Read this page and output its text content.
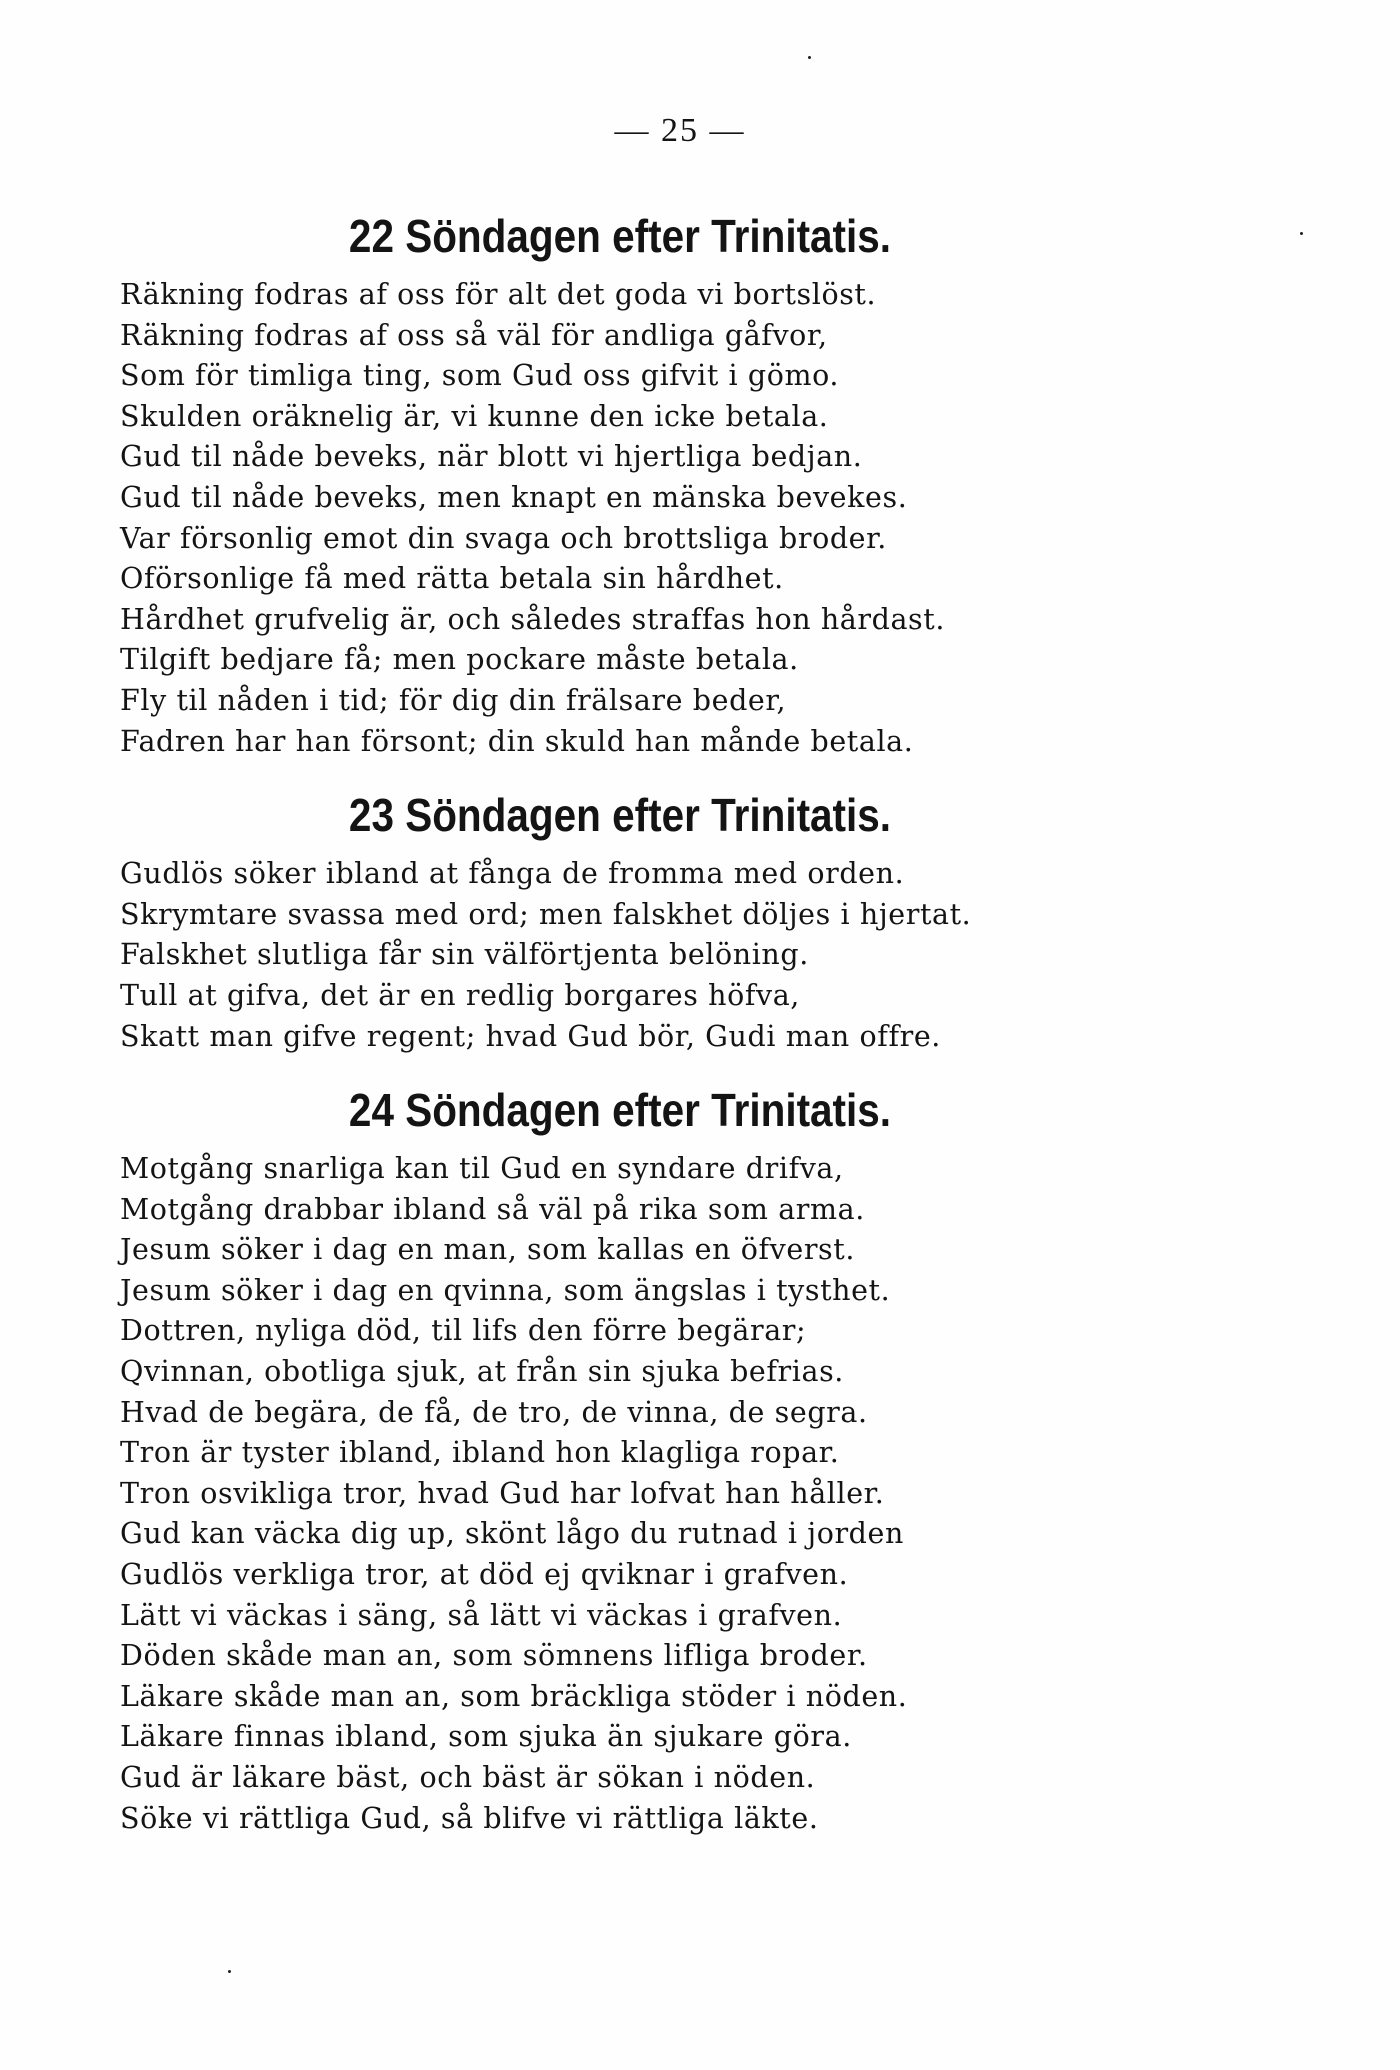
— 25 —
22 Söndagen efter Trinitatis.
Räkning fodras af oss för alt det goda vi bortslöst.
Räkning fodras af oss så väl för andliga gåfvor,
Som för timliga ting, som Gud oss gifvit i gömo.
Skulden oräknelig är, vi kunne den icke betala.
Gud til nåde beveks, när blott vi hjertliga bedjan.
Gud til nåde beveks, men knapt en mänska bevekes.
Var försonlig emot din svaga och brottsliga broder.
Oförsonlige få med rätta betala sin hårdhet.
Hårdhet grufvelig är, och således straffas hon hårdast.
Tilgift bedjare få; men pockare måste betala.
Fly til nåden i tid; för dig din frälsare beder,
Fadren har han försont; din skuld han månde betala.
23 Söndagen efter Trinitatis.
Gudlös söker ibland at fånga de fromma med orden.
Skrymtare svassa med ord; men falskhet döljes i hjertat.
Falskhet slutliga får sin välförtjenta belöning.
Tull at gifva, det är en redlig borgares höfva,
Skatt man gifve regent; hvad Gud bör, Gudi man offre.
24 Söndagen efter Trinitatis.
Motgång snarliga kan til Gud en syndare drifva,
Motgång drabbar ibland så väl på rika som arma.
Jesum söker i dag en man, som kallas en öfverst.
Jesum söker i dag en qvinna, som ängslas i tysthet.
Dottren, nyliga död, til lifs den förre begärar;
Qvinnan, obotliga sjuk, at från sin sjuka befrias.
Hvad de begära, de få, de tro, de vinna, de segra.
Tron är tyster ibland, ibland hon klagliga ropar.
Tron osvikliga tror, hvad Gud har lofvat han håller.
Gud kan väcka dig up, skönt lågo du rutnad i jorden
Gudlös verkliga tror, at död ej qviknar i grafven.
Lätt vi väckas i säng, så lätt vi väckas i grafven.
Döden skåde man an, som sömnens lifliga broder.
Läkare skåde man an, som bräckliga stöder i nöden.
Läkare finnas ibland, som sjuka än sjukare göra.
Gud är läkare bäst, och bäst är sökan i nöden.
Söke vi rättliga Gud, så blifve vi rättliga läkte.
